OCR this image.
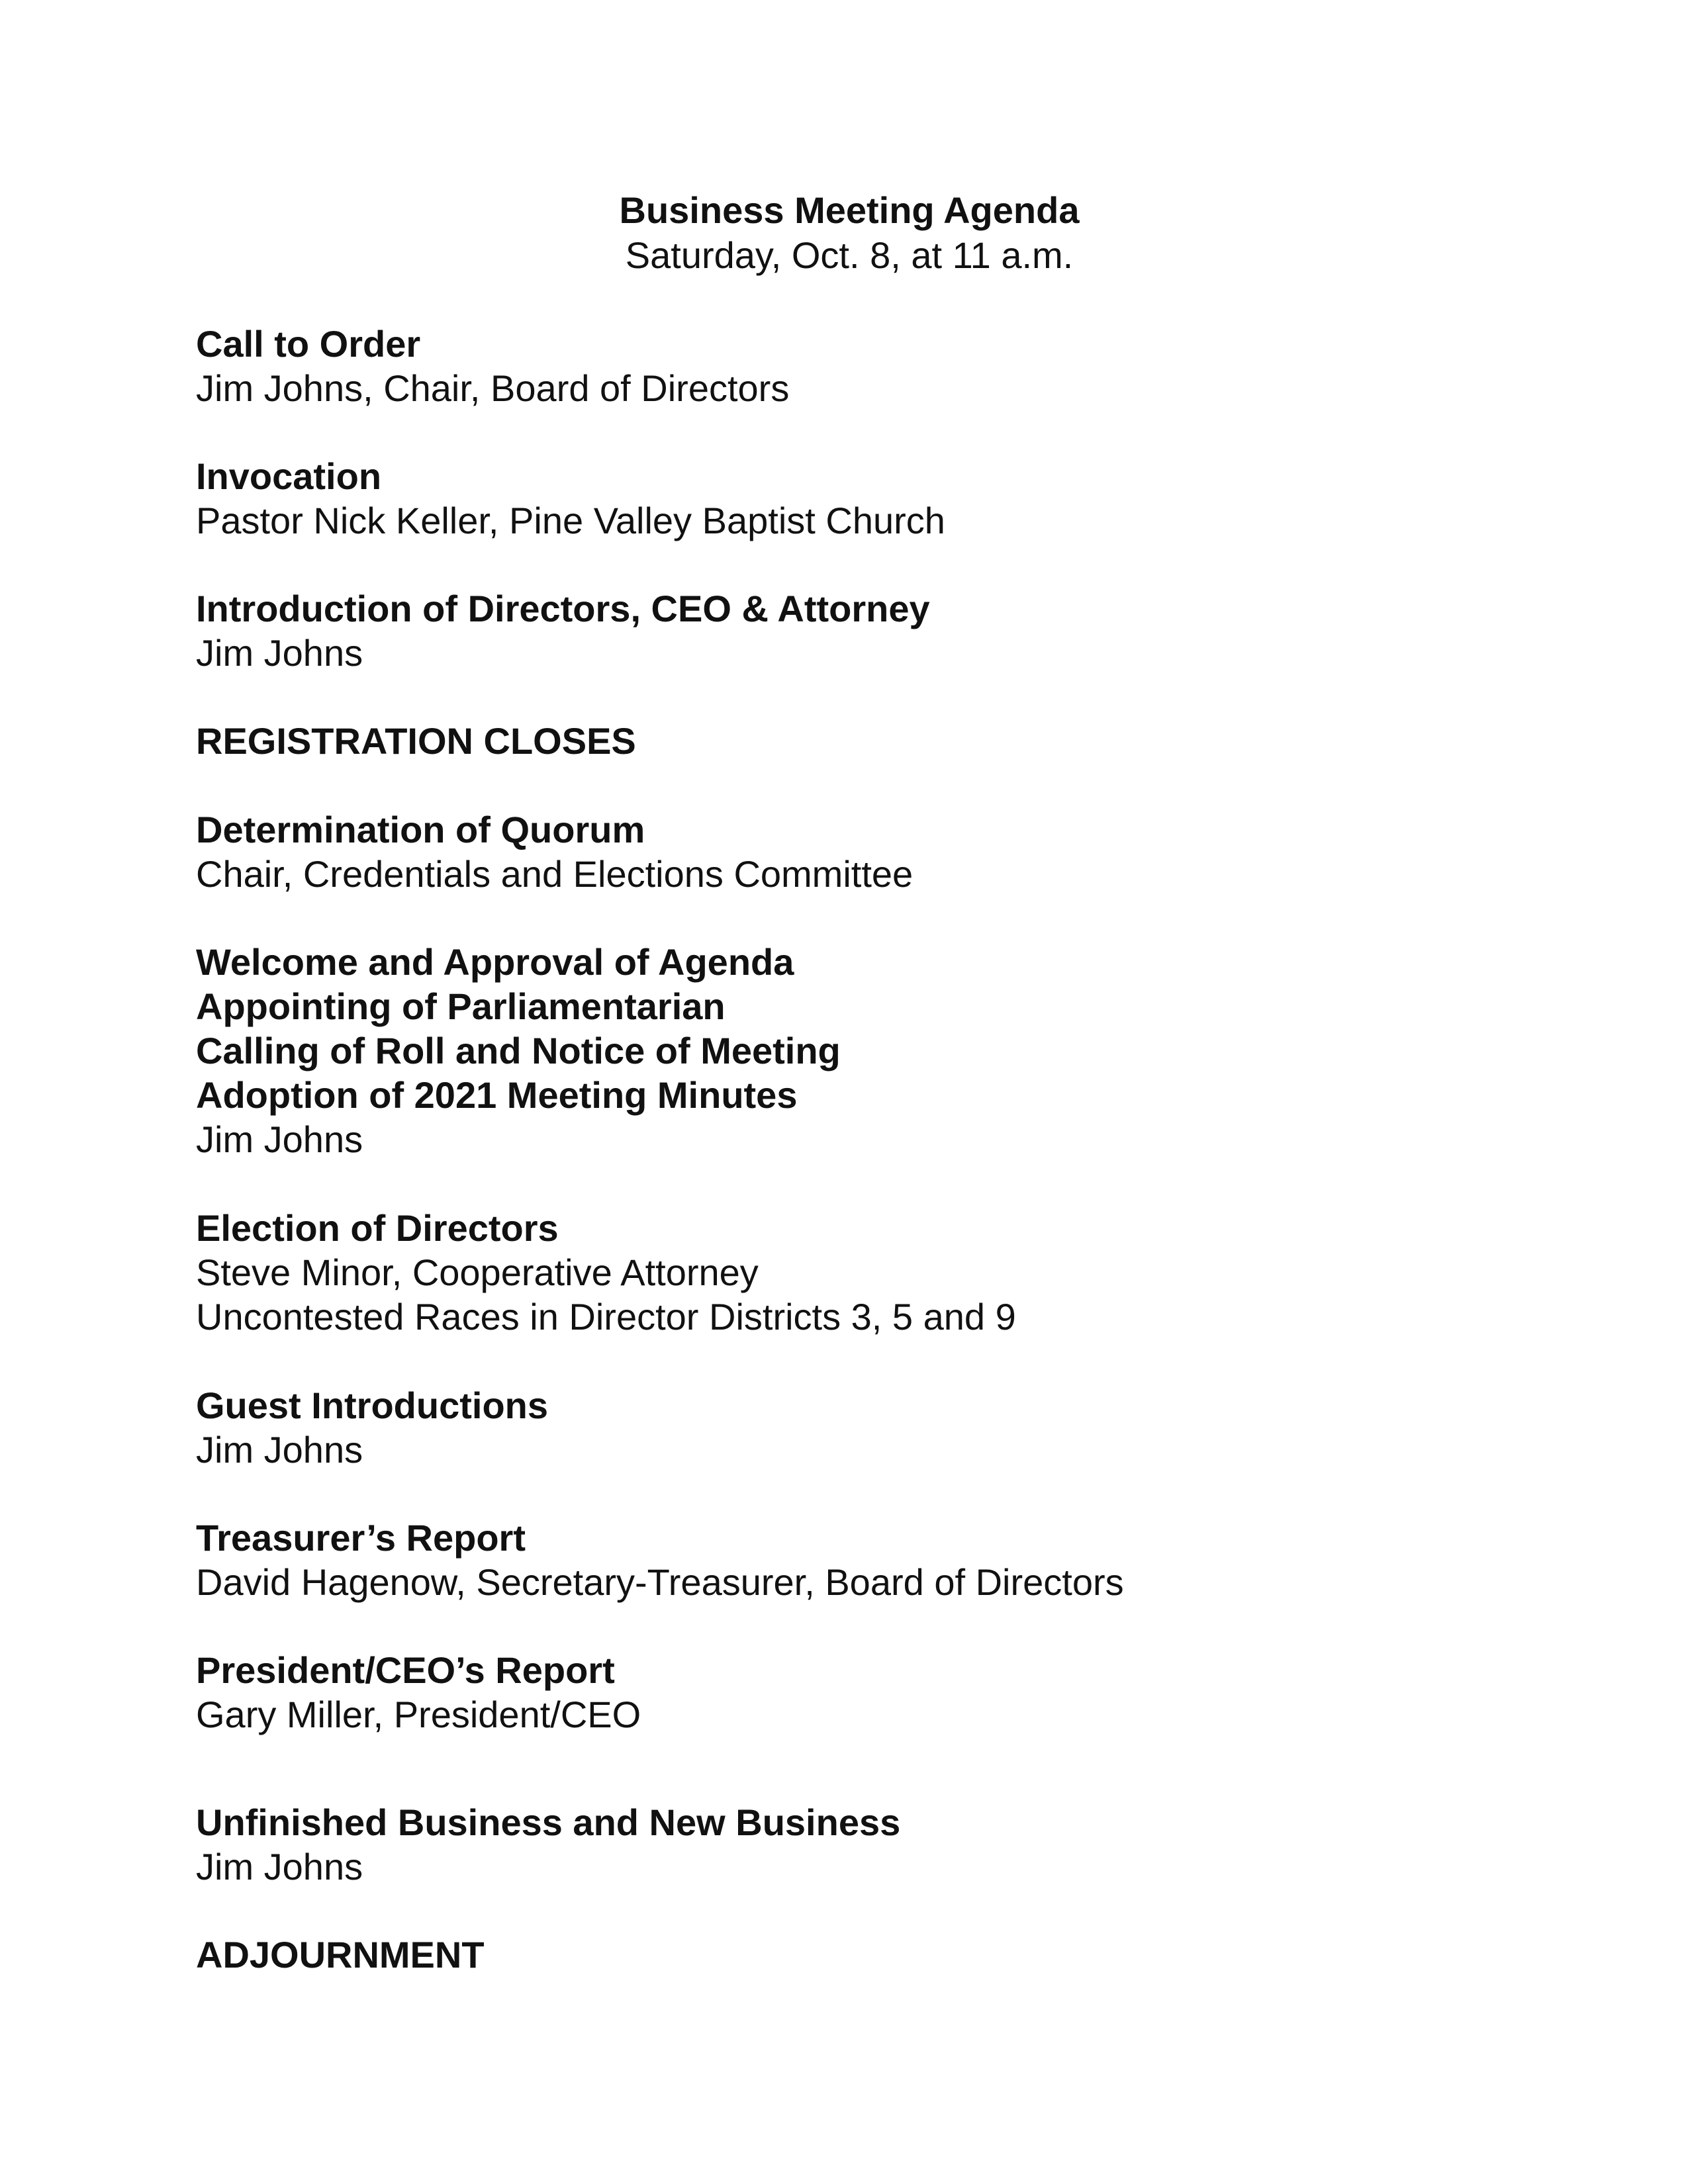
Business Meeting Agenda
Saturday, Oct. 8, at 11 a.m.
Call to Order
Jim Johns, Chair, Board of Directors
Invocation
Pastor Nick Keller, Pine Valley Baptist Church
Introduction of Directors, CEO & Attorney
Jim Johns
REGISTRATION CLOSES
Determination of Quorum
Chair, Credentials and Elections Committee
Welcome and Approval of Agenda
Appointing of Parliamentarian
Calling of Roll and Notice of Meeting
Adoption of 2021 Meeting Minutes
Jim Johns
Election of Directors
Steve Minor, Cooperative Attorney
Uncontested Races in Director Districts 3, 5 and 9
Guest Introductions
Jim Johns
Treasurer’s Report
David Hagenow, Secretary-Treasurer, Board of Directors
President/CEO’s Report
Gary Miller, President/CEO
Unfinished Business and New Business
Jim Johns
ADJOURNMENT
